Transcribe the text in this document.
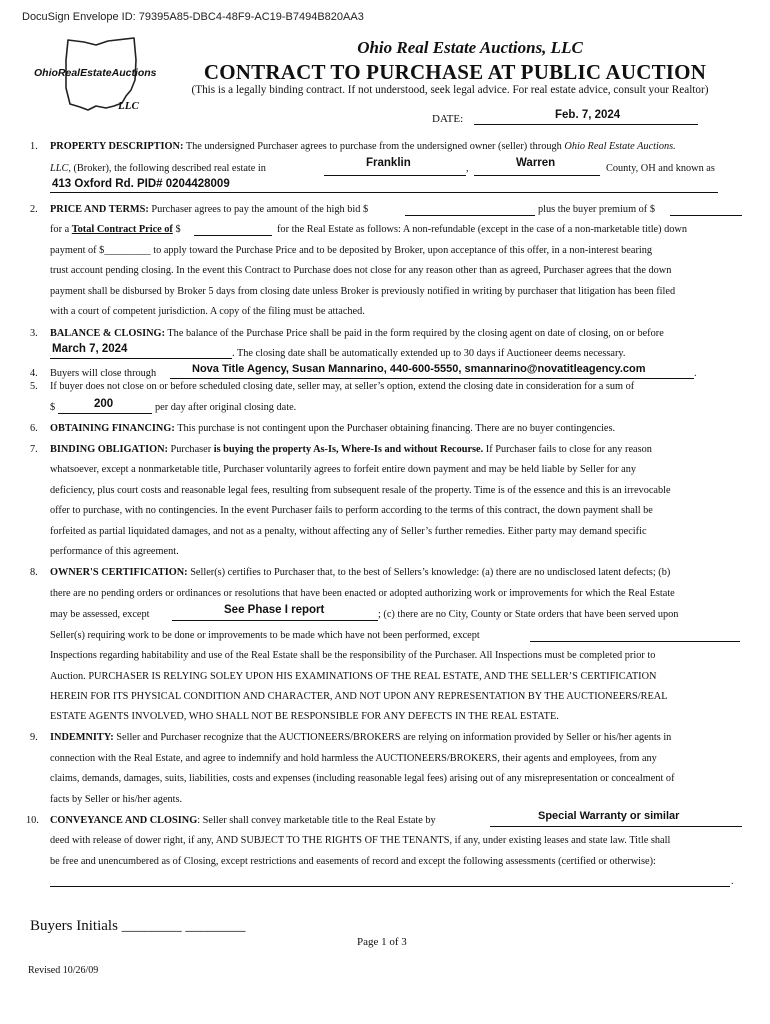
DocuSign Envelope ID: 79395A85-DBC4-48F9-AC19-B7494B820AA3
OhioRealEstateAuctions
LLC
Ohio Real Estate Auctions, LLC
CONTRACT TO PURCHASE AT PUBLIC AUCTION
(This is a legally binding contract. If not understood, seek legal advice. For real estate advice, consult your Realtor)
DATE:	Feb. 7, 2024
1. PROPERTY DESCRIPTION: The undersigned Purchaser agrees to purchase from the undersigned owner (seller) through Ohio Real Estate Auctions.
LLC, (Broker), the following described real estate in	Franklin	,	Warren	County, OH and known as
413 Oxford Rd. PID# 0204428009
2. PRICE AND TERMS: Purchaser agrees to pay the amount of the high bid $	plus the buyer premium of $
for a Total Contract Price of $	for the Real Estate as follows: A non-refundable (except in the case of a non-marketable title) down
payment of $_________ to apply toward the Purchase Price and to be deposited by Broker, upon acceptance of this offer, in a non-interest bearing
trust account pending closing. In the event this Contract to Purchase does not close for any reason other than as agreed, Purchaser agrees that the down
payment shall be disbursed by Broker 5 days from closing date unless Broker is previously notified in writing by purchaser that litigation has been filed
with a court of competent jurisdiction. A copy of the filing must be attached.
3. BALANCE & CLOSING: The balance of the Purchase Price shall be paid in the form required by the closing agent on date of closing, on or before
March 7, 2024	. The closing date shall be automatically extended up to 30 days if Auctioneer deems necessary.
4. Buyers will close through	Nova Title Agency, Susan Mannarino, 440-600-5550, smannarino@novatitleagency.com	.
5. If buyer does not close on or before scheduled closing date, seller may, at seller’s option, extend the closing date in consideration for a sum of
$	200	per day after original closing date.
6. OBTAINING FINANCING: This purchase is not contingent upon the Purchaser obtaining financing. There are no buyer contingencies.
7. BINDING OBLIGATION: Purchaser is buying the property As-Is, Where-Is and without Recourse. If Purchaser fails to close for any reason
whatsoever, except a nonmarketable title, Purchaser voluntarily agrees to forfeit entire down payment and may be held liable by Seller for any
deficiency, plus court costs and reasonable legal fees, resulting from subsequent resale of the property. Time is of the essence and this is an irrevocable
offer to purchase, with no contingencies. In the event Purchaser fails to perform according to the terms of this contract, the down payment shall be
forfeited as partial liquidated damages, and not as a penalty, without affecting any of Seller’s further remedies. Either party may demand specific
performance of this agreement.
8. OWNER'S CERTIFICATION: Seller(s) certifies to Purchaser that, to the best of Sellers’s knowledge: (a) there are no undisclosed latent defects; (b)
there are no pending orders or ordinances or resolutions that have been enacted or adopted authorizing work or improvements for which the Real Estate
may be assessed, except	See Phase I report	; (c) there are no City, County or State orders that have been served upon
Seller(s) requiring work to be done or improvements to be made which have not been performed, except
Inspections regarding habitability and use of the Real Estate shall be the responsibility of the Purchaser. All Inspections must be completed prior to
Auction. PURCHASER IS RELYING SOLEY UPON HIS EXAMINATIONS OF THE REAL ESTATE, AND THE SELLER’S CERTIFICATION
HEREIN FOR ITS PHYSICAL CONDITION AND CHARACTER, AND NOT UPON ANY REPRESENTATION BY THE AUCTIONEERS/REAL
ESTATE AGENTS INVOLVED, WHO SHALL NOT BE RESPONSIBLE FOR ANY DEFECTS IN THE REAL ESTATE.
9. INDEMNITY: Seller and Purchaser recognize that the AUCTIONEERS/BROKERS are relying on information provided by Seller or his/her agents in
connection with the Real Estate, and agree to indemnify and hold harmless the AUCTIONEERS/BROKERS, their agents and employees, from any
claims, demands, damages, suits, liabilities, costs and expenses (including reasonable legal fees) arising out of any misrepresentation or concealment of
facts by Seller or his/her agents.
10. CONVEYANCE AND CLOSING: Seller shall convey marketable title to the Real Estate by	Special Warranty or similar
deed with release of dower right, if any, AND SUBJECT TO THE RIGHTS OF THE TENANTS, if any, under existing leases and state law. Title shall
be free and unencumbered as of Closing, except restrictions and easements of record and except the following assessments (certified or otherwise):
.
Buyers Initials ________ ________
Page 1 of 3
Revised 10/26/09
